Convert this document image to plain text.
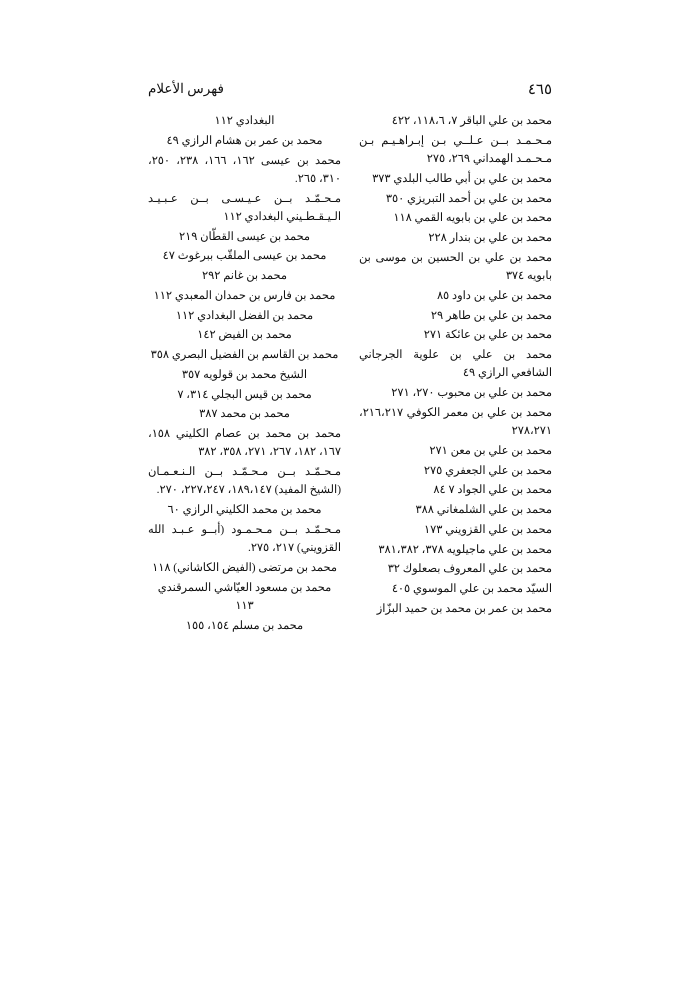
فهرس الأعلام	٤٦٥

محمد بن علي الباقر ٧، ١١٨،٦، ٤٢٢

مـحـمـد بــن عـلــي بـن إبـراهـيـم بـن مـحـمـد الهمداني ٢٦٩، ٢٧٥

محمد بن علي بن أبي طالب البلدي ٣٧٣

محمد بن علي بن أحمد التبريزي ٣٥٠

محمد بن علي بن بابويه القمي ١١٨

محمد بن علي بن بندار ٢٢٨

محمد بن علي بن الحسين بن موسى بن بابويه ٣٧٤

محمد بن علي بن داود ٨٥

محمد بن علي بن طاهر ٢٩

محمد بن علي بن عائكة ٢٧١

محمد بن علي بن علوية الجرجاني الشافعي الرازي ٤٩

محمد بن علي بن محبوب ٢٧٠، ٢٧١

محمد بن علي بن معمر الكوفي ٢١٦،٢١٧، ٢٧٨،٢٧١

محمد بن علي بن معن ٢٧١

محمد بن علي الجعفري ٢٧٥

محمد بن علي الجواد ٧ ٨٤

محمد بن علي الشلمغاني ٣٨٨

محمد بن علي القزويني ١٧٣

محمد بن علي ماجيلويه ٣٧٨، ٣٨١،٣٨٢

محمد بن علي المعروف بصعلوك ٣٢

السيّد محمد بن علي الموسوي ٤٠٥

محمد بن عمر بن محمد بن حميد البزّاز

البغدادي ١١٢

محمد بن عمر بن هشام الرازي ٤٩

محمد بن عيسى ١٦٢، ١٦٦، ٢٣٨، ٢٥٠، ٣١٠، ٢٦٥.

مـحـمّـد بــن عـيـسـى بــن عـبـيـد الـيـقـطـيني البغدادي ١١٢

محمد بن عيسى القطّان ٢١٩

محمد بن عيسى الملقّب ببرغوث ٤٧

محمد بن غانم ٢٩٢

محمد بن فارس بن حمدان المعبدي ١١٢

محمد بن الفضل البغدادي ١١٢

محمد بن الفيض ١٤٢

محمد بن القاسم بن الفضيل البصري ٣٥٨

الشيخ محمد بن قولويه ٣٥٧

محمد بن قيس البجلي ٣١٤، ٧

محمد بن محمد ٣٨٧

محمد بن محمد بن عصام الكليني ١٥٨، ١٦٧، ١٨٢، ٢٦٧، ٢٧١، ٣٥٨، ٣٨٢

مـحـمّـد بــن مـحـمّـد بــن الـنـعـمـان (الشيخ المفيد) ١٨٩،١٤٧، ٢٢٧،٢٤٧، ٢٧٠.

محمد بن محمد الكليني الرازي ٦٠

مـحـمّـد بــن مـحـمـود (أبــو عـبـد الله القزويني) ٢١٧، ٢٧٥.

محمد بن مرتضى (الفيض الكاشاني) ١١٨

محمد بن مسعود العيّاشي السمرقندي ١١٣

محمد بن مسلم ١٥٤، ١٥٥
